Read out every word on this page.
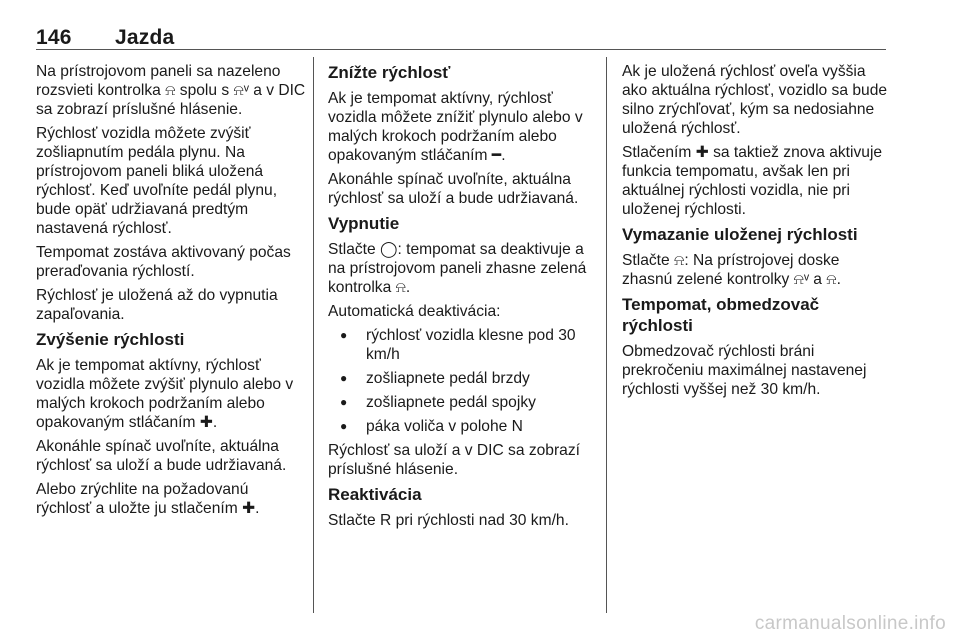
146 Jazda

Na prístrojovom paneli sa nazeleno rozsvieti kontrolka ⍾ spolu s ⍾ᵛ a v DIC sa zobrazí príslušné hlásenie.

Rýchlosť vozidla môžete zvýšiť zošliapnutím pedála plynu. Na prístrojovom paneli bliká uložená rýchlosť. Keď uvoľníte pedál plynu, bude opäť udržiavaná predtým nastavená rýchlosť.

Tempomat zostáva aktivovaný počas preraďovania rýchlostí.

Rýchlosť je uložená až do vypnutia zapaľovania.

Zvýšenie rýchlosti

Ak je tempomat aktívny, rýchlosť vozidla môžete zvýšiť plynulo alebo v malých krokoch podržaním alebo opakovaným stláčaním ✚.

Akonáhle spínač uvoľníte, aktuálna rýchlosť sa uloží a bude udržiavaná.

Alebo zrýchlite na požadovanú rýchlosť a uložte ju stlačením ✚.

Znížte rýchlosť

Ak je tempomat aktívny, rýchlosť vozidla môžete znížiť plynulo alebo v malých krokoch podržaním alebo opakovaným stláčaním ━.

Akonáhle spínač uvoľníte, aktuálna rýchlosť sa uloží a bude udržiavaná.

Vypnutie

Stlačte ◯: tempomat sa deaktivuje a na prístrojovom paneli zhasne zelená kontrolka ⍾.

Automatická deaktivácia:

● rýchlosť vozidla klesne pod 30 km/h
● zošliapnete pedál brzdy
● zošliapnete pedál spojky
● páka voliča v polohe N

Rýchlosť sa uloží a v DIC sa zobrazí príslušné hlásenie.

Reaktivácia

Stlačte R pri rýchlosti nad 30 km/h.

Ak je uložená rýchlosť oveľa vyššia ako aktuálna rýchlosť, vozidlo sa bude silno zrýchľovať, kým sa nedosiahne uložená rýchlosť.

Stlačením ✚ sa taktiež znova aktivuje funkcia tempomatu, avšak len pri aktuálnej rýchlosti vozidla, nie pri uloženej rýchlosti.

Vymazanie uloženej rýchlosti

Stlačte ⍾: Na prístrojovej doske zhasnú zelené kontrolky ⍾ᵛ a ⍾.

Tempomat, obmedzovač rýchlosti

Obmedzovač rýchlosti bráni prekročeniu maximálnej nastavenej rýchlosti vyššej než 30 km/h.

carmanualsonline.info
